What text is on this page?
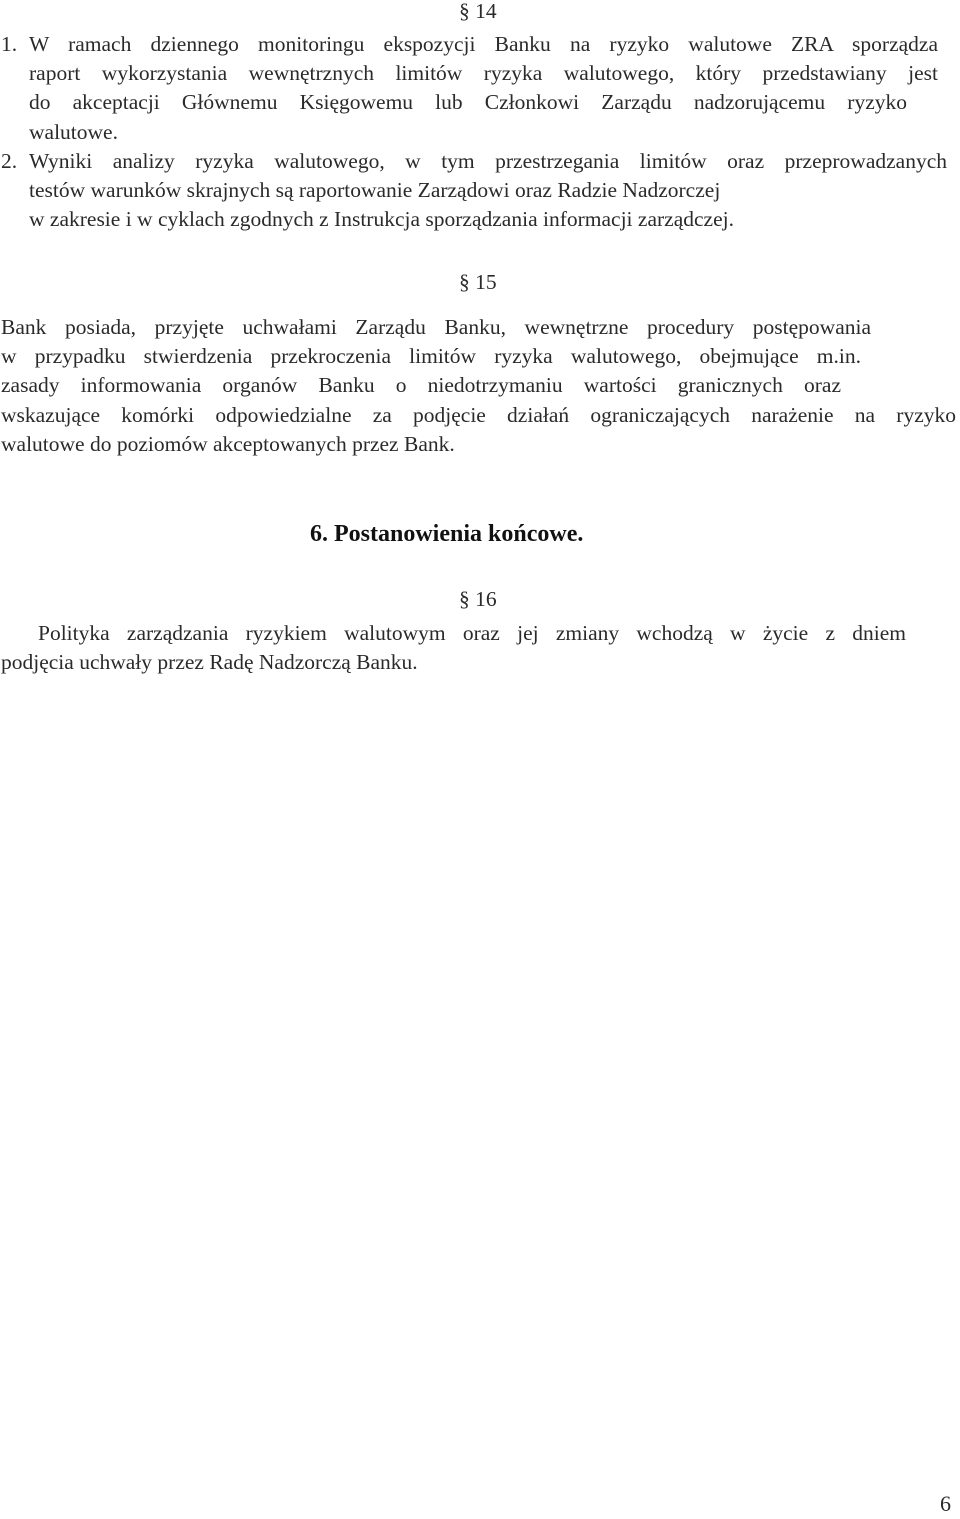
§ 14
1. W ramach dziennego monitoringu ekspozycji Banku na ryzyko walutowe ZRA sporządza
raport wykorzystania wewnętrznych limitów ryzyka walutowego, który przedstawiany jest
do akceptacji Głównemu Księgowemu lub Członkowi Zarządu nadzorującemu ryzyko
walutowe.
2. Wyniki analizy ryzyka walutowego, w tym przestrzegania limitów oraz przeprowadzanych
testów warunków skrajnych są raportowanie Zarządowi oraz Radzie Nadzorczej
w zakresie i w cyklach zgodnych z Instrukcja sporządzania informacji zarządczej.
§ 15
Bank posiada, przyjęte uchwałami Zarządu Banku, wewnętrzne procedury postępowania
w przypadku stwierdzenia przekroczenia limitów ryzyka walutowego, obejmujące m.in.
zasady informowania organów Banku o niedotrzymaniu wartości granicznych oraz
wskazujące komórki odpowiedzialne za podjęcie działań ograniczających narażenie na ryzyko
walutowe do poziomów akceptowanych przez Bank.
6. Postanowienia końcowe.
§ 16
Polityka zarządzania ryzykiem walutowym oraz jej zmiany wchodzą w życie z dniem
podjęcia uchwały przez Radę Nadzorczą Banku.
6
